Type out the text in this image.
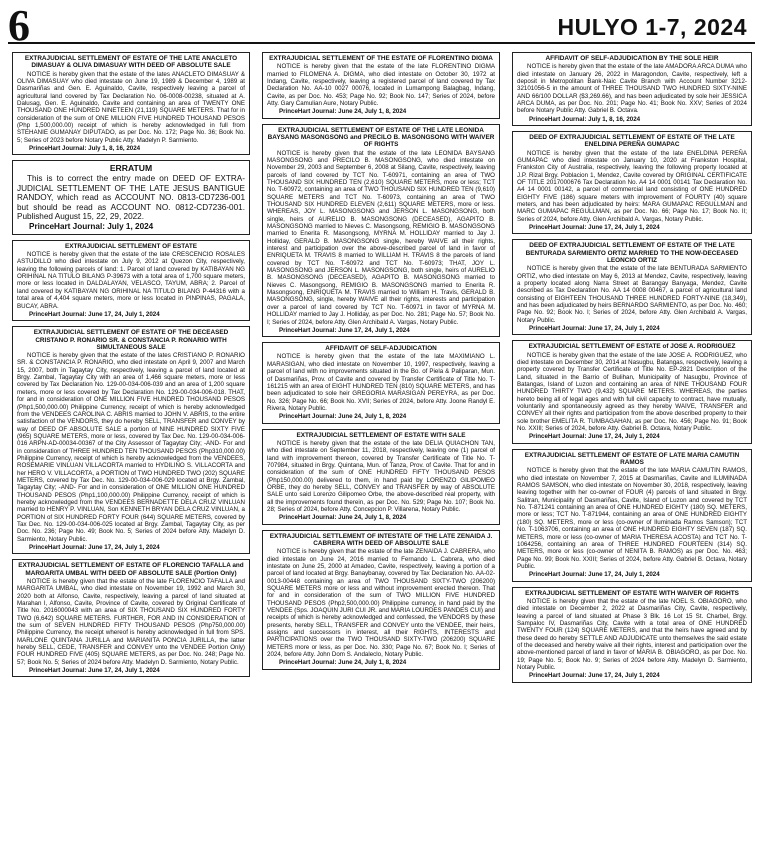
6	HULYO 1-7, 2024
EXTRAJUDICIAL SETTLEMENT OF ESTATE OF THE LATE ANACLETO DIMASUAY & OLIVA DIMASUAY WITH DEED OF ABSOLUTE SALE

NOTICE is hereby given that the estate of the lates ANACLETO DIMASUAY & OLIVA DIMASUAY who died intestate on June 19, 1989 & December 4, 1989 at Dasmariñas and Gen. E. Aguinaldo, Cavite, respectively leaving a parcel of agricultural land covered by Tax Declaration No. 06-0008-00238, situated at A. Dalusag, Gen. E. Aguinaldo, Cavite and containing an area of TWENTY ONE THOUSAND ONE HUNDRED NINETEEN (21,119) SQUARE METERS. That for in consideration of the sum of ONE MILLION FIVE HUNDRED THOUSAND PESOS (Php 1,500,000.00) receipt of which is hereby acknowledged in full from STEHANIE GUMANAY DIPUTADO, as per Doc. No. 172; Page No. 36; Book No. 5; Series of 2023 before Notary Public Atty. Madelyn P. Sarmiento.

PrinceHart Journal: July 1, 8, 16, 2024
ERRATUM

This is to correct the entry made on DEED OF EXTRA-JUDICIAL SETTLEMENT OF THE LATE JESUS BANTIGUE RANDOY, which read as ACCOUNT NO. 0813-CD7236-001 but should be read as ACCOUNT NO. 0812-CD7236-001. Published August 15, 22, 29, 2022.

PrinceHart Journal: July 1, 2024
EXTRAJUDICIAL SETTLEMENT OF ESTATE

NOTICE is hereby given that the estate of the late CRESCENCIO ROSALES ASTUDILLO who died intestate on July 9, 2012 at Quezon City, respectively, leaving the following parcels of land: 1. Parcel of land covered by KATIBAYAN NG ORIHINAL NA TITULO BILANG P-39673 with a total area of 1,700 square meters, more or less located in DALDALAYAN, VELASCO, TAYUM, ABRA; 2. Parcel of land covered by KATIBAYAN NG ORIHINAL NA TITULO BILANG P-44316 with a total area of 4,404 square meters, more or less located in PINPINAS, PAGALA, BUCAY, ABRA.

PrinceHart Journal: June 17, 24, July 1, 2024
EXTRAJUDICIAL SETTLEMENT OF ESTATE OF THE DECEASED CRISTANO P. RONARIO SR. & CONSTANCIA P. RONARIO WITH SIMULTANEOUS SALE

NOTICE is hereby given that the estate of the lates CRISTIANO P. RONARIO SR. & CONSTANCIA P. RONARIO, who died intestate on April 9, 2007 and March 15, 2007, both in Tagaytay City, respectively, leaving a parcel of land located at Brgy. Zambal, Tagaytay City with an area of 1,466 square meters, more or less covered by Tax Declaration No. 129-00-034-006-039 and an area of 1,200 square meters, more or less covered by Tax Declaration No. 129-00-034-006-018. THAT, for and in consideration of ONE MILLION FIVE HUNDRED THOUSAND PESOS (Php1,500,000.00) Philippine Currency, receipt of which is hereby acknowledged from the VENDEES CAROLINA C. ABRIS married to JOHN V. ABRIS, to the entire satisfaction of the VENDORS, they do hereby SELL, TRANSFER and CONVEY by way of DEED OF ABSOLUTE SALE a portion of NINE HUNDRED SIXTY FIVE (965) SQUARE METERS, more or less, covered by Tax Dec. No. 129-00-034-006-016 ARPN-AD-00034-00367 of the City Assessor of Tagaytay City; -AND- For and in consideration of THREE HUNDRED TEN THOUSAND PESOS (Php310,000.00) Philippine Currency, receipt of which is hereby acknowledged from the VENDEES, ROSEMARIE VINLUAN VILLACORTA married to HYDILINO S. VILLACORTA and her HERO V. VILLACORTA, a PORTION of TWO HUNDRED TWO (202) SQUARE METERS, covered by Tax Dec. No. 129-00-034-006-029 located at Brgy. Zambal, Tagaytay City; -AND- For and in consideration of ONE MILLION ONE HUNDRED THOUSAND PESOS (Php1,100,000.00) Philippine Currency, receipt of which is hereby acknowledged from the VENDEES BERNADETTE DELA CRUZ VINLUAN married to HENRY P. VINLUAN, Son KENNETH BRYAN DELA CRUZ VINLUAN, a PORTION of SIX HUNDRED FORTY FOUR (644) SQUARE METERS, covered by Tax Dec. No. 129-00-034-006-025 located at Brgy. Zambal, Tagaytay City, as per Doc. No. 236; Page No. 49; Book No. 5; Series of 2024 before Atty. Madelyn D. Sarmiento, Notary Public.

PrinceHart Journal: June 17, 24, July 1, 2024
EXTRAJUDICIAL SETTLEMENT OF ESTATE OF FLORENCIO TAFALLA and MARGARITA UMBAL WITH DEED OF ABSOLUTE SALE (Portion Only)

NOTICE is hereby given that the estate of the late FLORENCIO TAFALLA and MARGARITA UMBAL, who died intestate on November 19, 1992 and March 30, 2020 both at Alfonso, Cavite, respectively, leaving a parcel of land situated at Marahan I, Alfonso, Cavite, Province of Cavite, covered by Original Certificate of Title No. 2016000043 with an area of SIX THOUSAND SIX HUNDRED FORTY TWO (6,642) SQUARE METERS. FURTHER, FOR AND IN CONSIDERATION of the sum of SEVEN HUNDRED FIFTY THOUSAND PESOS (Php750,000.00) Philippine Currency, the receipt whereof is hereby acknowledged in full from SPS. MARLONE QUINTANA JURILLA and MARIANITA PONCIA JURILLA, the latter hereby SELL, CEDE, TRANSFER and CONVEY unto the VENDEE Portion Only) FOUR HUNDRED FIVE (405) SQUARE METERS, as per Doc. No. 248; Page No. 57; Book No. 5; Series of 2024 before Atty. Madelyn D. Sarmiento, Notary Public.

PrinceHart Journal: June 17, 24, July 1, 2024
EXTRAJUDICIAL SETTLEMENT OF THE ESTATE OF FLORENTINO DIGMA

NOTICE is hereby given that the estate of the late FLORENTINO DIGMA married to FILOMENA A. DIGMA, who died intestate on October 30, 1972 at Indang, Cavite, respectively, leaving a registered parcel of land covered by Tax Declaration No. AA-10 0027 00076, located in Lumampong Balagbag, Indang, Cavite, as per Doc. No. 453; Page No. 92; Book No. 147; Series of 2024, before Atty. Gary Camulian Aure, Notary Public.

PrinceHart Journal: June 24, July 1, 8, 2024
EXTRAJUDICIAL SETTLEMENT OF ESTATE OF THE LATE LEONIDA BAYSANG MASONGSONG and PRECILO B. MASONGSONG WITH WAIVER OF RIGHTS

NOTICE is hereby given that the estate of the late LEONIDA BAYSANG MASONGSONG and PRECILO B. MASONGSONG, who died intestate on November 29, 2003 and September 6, 2008 at Silang, Cavite, respectively, leaving parcels of land covered by TCT No. T-60971, containing an area of TWO THOUSAND SIX HUNDRED TEN (2,610) SQUARE METERS, more or less; TCT No. T-60972, containing an area of TWO THOUSAND SIX HUNDRED TEN (9,610) SQUARE METERS and TCT No. T-60973, containing an area of TWO THOUSAND SIX HUNDRED ELEVEN (2,611) SQUARE METERS, more or less. WHEREAS, JOY L. MASONGSONG and JERSON L. MASONGSONG, both single, heirs of AURELIO B. MASONGSONG (DECEASED), AGAPITO B. MASONGSONG married to Nieves C. Masongsong, REMIGIO B. MASONGSONG married to Enerita R. Masongsong, MYRNA M. HOLLIDAY married to Jay J. Holliday, GERALD B. MASONGSONG single, hereby WAIVE all their rights, interest and participation over the above-described parcel of land in favor of ENRIQUETA M. TRAVIS 8 married to WILLIAM H. TRAVIS 8 the parcels of land covered by TCT No. T-60972 and TCT No. T-60973; THAT, JOY L. MASONGSONG and JERSON L. MASONGSONG, both single, heirs of AURELIO B. MASONGSONG (DECEASED), AGAPITO B. MASONGSONG married to Nieves C. Masongsong, REMIGIO B. MASONGSONG married to Enerita R. Masongsong, ENRIQUETA M. TRAVIS married to William H. Travis, GERALD B. MASONGSONG, single, hereby WAIVE all their rights, interests and participation over a parcel of land covered by TCT No. T-60971 in favor of MYRNA M. HOLLIDAY married to Jay J. Holliday, as per Doc. No. 281; Page No. 57; Book No. I; Series of 2024, before Atty. Glen Archibald A. Vargas, Notary Public.

PrinceHart Journal: June 17, 24, July 1, 2024
AFFIDAVIT OF SELF-ADJUDICATION

NOTICE is hereby given that the estate of the late MAXIMIANO L. MARASIGAN, who died intestate on November 10, 1997, respectively, leaving a parcel of land with no improvements situated in the Bo. of Piela & Paliparan, Mun. of Dasmariñas, Prov. of Cavite and covered by Transfer Certificate of Title No. T-161215 with an area of EIGHT HUNDRED TEN (810) SQUARE METERS, and has been adjudicated to sole heir GREGORIA MARASIGAN PEREYRA, as per Doc. No. 326; Page No. 66; Book No. XVII; Series of 2024, before Atty. Joone Randyl E. Rivera, Notary Public.

PrinceHart Journal: June 24, July 1, 8, 2024
EXTRAJUDICIAL SETTLEMENT OF ESTATE WITH SALE

NOTICE is hereby given that the estate of the late DELIA QUIACHON TAN, who died intestate on September 11, 2018, respectively, leaving one (1) parcel of land with improvement thereon, covered by Transfer Certificate of Title No. T-707984, situated in Brgy. Quintana, Mun. of Tanza, Prov. of Cavite. That for and in consideration of the sum of ONE HUNDRED FIFTY THOUSAND PESOS (Php150,000.00) delivered to them, in hand paid by LORENZO GILIPOMEO ORBE, they do hereby SELL, CONVEY and TRANSFER by way of ABSOLUTE SALE unto said Lorenzo Gilipomeo Orbe, the above-described real property, with all the improvements found therein, as per Doc. No. 529; Page No. 107; Book No. 28; Series of 2024, before Atty. Concepcion P. Villarena, Notary Public.

PrinceHart Journal: June 24, July 1, 8, 2024
EXTRAJUDICIAL SETTLEMENT OF INTESTATE OF THE LATE ZENAIDA J. CABRERA WITH DEED OF ABSOLUTE SALE

NOTICE is hereby given that the estate of the late ZENAIDA J. CABRERA, who died intestate on June 24, 2016 married to Fernando L. Cabrera, who died intestate on June 25, 2000 at Amadeo, Cavite, respectively, leaving a portion of a parcel of land located at Brgy. Banaybanay, covered by Tax Declaration No. AA-02-0013-00448 containing an area of TWO THOUSAND SIXTY-TWO (206200) SQUARE METERS more or less and without improvement erected thereon. That for and in consideration of the sum of TWO MILLION FIVE HUNDRED THOUSAND PESOS (Php2,500,000.00) Philippine currency, in hand paid by the VENDEE (Sps. JOAQUIN JURI CUI JR. and MARIA LOURDES PANDES CUI) and receipts of which is hereby acknowledged and confessed, the VENDORS by these presents, hereby SELL, TRANSFER and CONVEY unto the VENDEE, their heirs, assigns and successors in interest, all their RIGHTS, INTERESTS and PARTICIPATIONS over the TWO THOUSAND SIXTY-TWO (206200) SQUARE METERS more or less, as per Doc. No. 330; Page No. 67; Book No. I; Series of 2024, before Atty. John Dom S. Andaleclo, Notary Public.

PrinceHart Journal: June 24, July 1, 8, 2024
AFFIDAVIT OF SELF-ADJUDICATION BY THE SOLE HEIR

NOTICE is hereby given that the estate of the late AMADORA ARCA DUMA who died intestate on January 26, 2022 in Maragondon, Cavite, respectively, left a deposit in Metropolitan Bank-Naic Cavite Branch with Account Number 3212-32101056-5 in the amount of THREE THOUSAND TWO HUNDRED SIXTY-NINE AND 66/100 DOLLAR ($3,269.66), and has been adjudicated by sole heir JESSICA ARCA DUMA, as per Doc. No. 201; Page No. 41; Book No. XXV; Series of 2024 before Notary Public Atty. Gabriel B. Octava.

PrinceHart Journal: July 1, 8, 16, 2024
DEED OF EXTRAJUDICIAL SETTLEMENT OF ESTATE OF THE LATE ENELDINA PEREÑA GUMAPAC

NOTICE is hereby given that the estate of the late ENELDINA PEREÑA GUMAPAC who died intestate on January 10, 2020 at Frankston Hospital, Frankston City of Australia, respectively, leaving the following property located at J.P. Rizal Brgy. Poblacion 1, Mendez, Cavite covered by ORIGINAL CERTIFICATE OF TITLE 2017000676 Tax Declaration No. A4 14 0001 00141 Tax Declaration No. A4 14 0001 00142, a parcel of commercial land consisting of ONE HUNDRED EIGHTY FIVE (186) square meters with improvement of FOURTY (40) square meters, and has been adjudicated by heirs: MARA GUMAPAC REGULLMAN and MARC GUMAPAC REGULLMAN, as per Doc. No. 66; Page No. 17; Book No. II; Series of 2024, before Atty. Glen Archibald A. Vargas, Notary Public.

PrinceHart Journal: June 17, 24, July 1, 2024
DEED OF EXTRAJUDICIAL SETTLEMENT OF ESTATE OF THE LATE BENTURADA SARMIENTO ORTIZ MARRIED TO THE NOW-DECEASED LEONCIO ORTIZ

NOTICE is hereby given that the estate of the late BENTURADA SARMIENTO ORTIZ, who died intestate on May 6, 2013 at Mendez, Cavite, respectively, leaving a property located along Narra Street at Barangay Banyaga, Mendez, Cavite described as Tax Declaration No. AA 14 0008 00467, a parcel of agricultural land consisting of EIGHTEEN THOUSAND THREE HUNDRED FORTY-NINE (18,349), and has been adjudicated by heirs BERNARDO SARMIENTO, as per Doc. No. 460; Page No. 92; Book No. I; Series of 2024, before Atty. Glen Archibald A. Vargas, Notary Public.

PrinceHart Journal: June 17, 24, July 1, 2024
EXTRAJUDICIAL SETTLEMENT OF ESTATE of JOSE A. RODRIGUEZ

NOTICE is hereby given that the estate of the late JOSE A. RODRIGUEZ, who died intestate on December 30, 2014 at Nasugbu, Batangas, respectively, leaving a property covered by Transfer Certificate of Title No. EP-2821 Description of the Land, situated in the Barrio of Bulihan, Municipality of Nasugbu, Province of Batangas, Island of Luzon and containing an area of NINE THOUSAND FOUR HUNDRED THIRTY TWO (9,432) SQUARE METERS. WHEREAS, the parties hereto being all of legal ages and with full civil capacity to contract, have mutually, voluntarily and spontaneously agreed as they hereby WAIVE, TRANSFER and CONVEY all their rights and participation from the above described property to their sole brother EMELITA R. TUMBAGAHAN, as per Doc. No. 456; Page No. 91; Book No. XXIII; Series of 2024, before Atty. Gabriel B. Octava, Notary Public.

PrinceHart Journal: June 17, 24, July 1, 2024
EXTRAJUDICIAL SETTLEMENT OF ESTATE OF LATE MARIA CAMUTIN RAMOS

NOTICE is hereby given that the estate of the late MARIA CAMUTIN RAMOS, who died intestate on November 7, 2015 at Dasmariñas, Cavite and ILUMINADA RAMOS SAMSON, who died intestate on November 30, 2018, respectively, leaving leaving together with her co-owner of FOUR (4) parcels of land situated in Brgy. Salitran, Municipality of Dasmariñas, Cavite, Island of Luzon and covered by TCT No. T-871241 containing an area of ONE HUNDRED EIGHTY (180) SQ. METERS, more or less; TCT No. T-871944, containing an area of ONE HUNDRED EIGHTY (180) SQ. METERS, more or less (co-owner of Iluminada Ramos Samson); TCT No. T-1063706, containing an area of ONE HUNDRED EIGHTY SEVEN (187) SQ. METERS, more or less (co-owner of MARIA THERESA ACOSTA) and TCT No. T-1064256, containing an area of THREE HUNDRED FOURTEEN (314) SQ. METERS, more or less (co-owner of NENITA B. RAMOS) as per Doc. No. 463; Page No. 99; Book No. XXIII; Series of 2024, before Atty. Gabriel B. Octava, Notary Public.

PrinceHart Journal: June 17, 24, July 1, 2024
EXTRAJUDICIAL SETTLEMENT OF ESTATE WITH WAIVER OF RIGHTS

NOTICE is hereby given that the estate of the late NOEL S. OBIAGORO, who died intestate on December 2, 2022 at Dasmariñas City, Cavite, respectively, leaving a parcel of land situated at Phase 3 Blk. 16 Lot 15 St. Charbel, Brgy. Sampaloc IV, Dasmariñas City, Cavite with a total area of ONE HUNDRED TWENTY FOUR (124) SQUARE METERS, and that the heirs have agreed and by these deed do hereby SETTLE AND ADJUDICATE unto themselves the said estate of the deceased and hereby waive all their rights, interest and participation over the above-mentioned parcel of land in favor of MARIA B. OBIAGORO, as per Doc. No. 19; Page No. 5; Book No. 9; Series of 2024 before Atty. Madelyn D. Sarmiento, Notary Public.

PrinceHart Journal: June 17, 24, July 1, 2024
